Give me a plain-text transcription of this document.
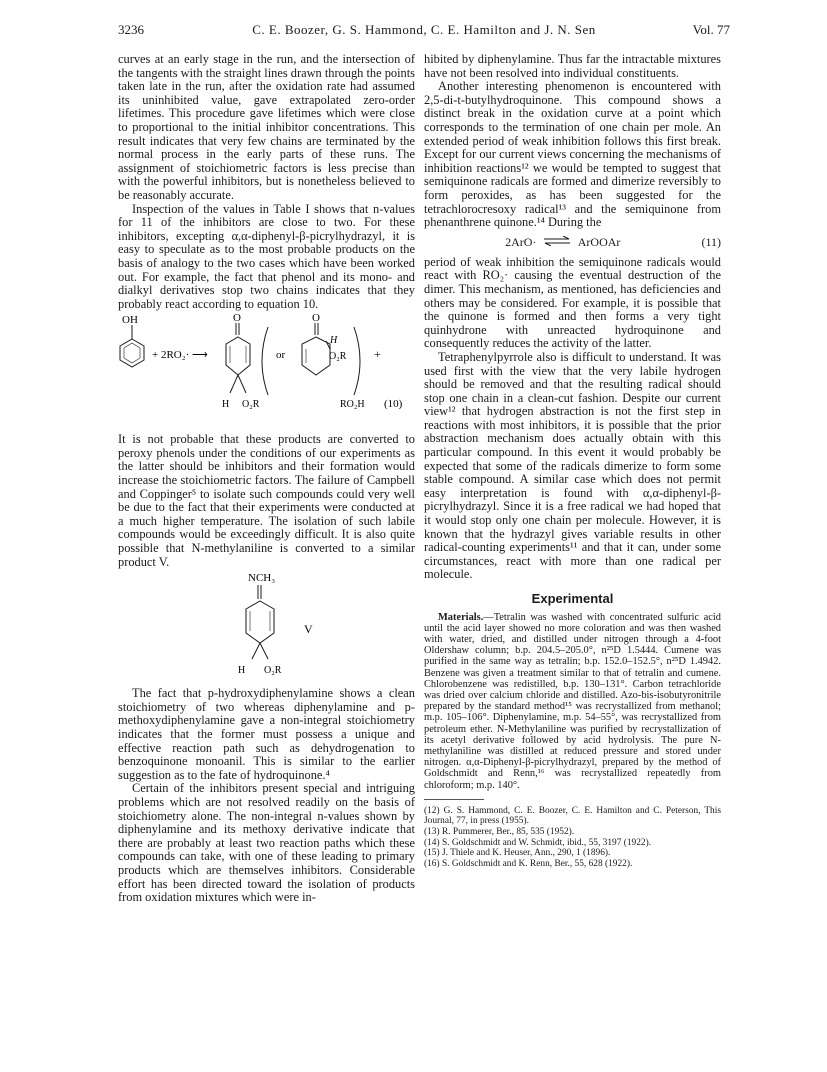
3236	C. E. Boozer, G. S. Hammond, C. E. Hamilton and J. N. Sen	Vol. 77

curves at an early stage in the run, and the intersection of the tangents with the straight lines drawn through the points taken late in the run, after the oxidation rate had assumed its uninhibited value, gave extrapolated zero-order lifetimes. This procedure gave lifetimes which were close to proportional to the initial inhibitor concentrations. This result indicates that very few chains are terminated by the normal process in the early parts of these runs. The assignment of stoichiometric factors is less precise than with the powerful inhibitors, but is nonetheless believed to be reasonably accurate.

Inspection of the values in Table I shows that n-values for 11 of the inhibitors are close to two. For these inhibitors, excepting α,α-diphenyl-β-picrylhydrazyl, it is easy to speculate as to the most probable products on the basis of analogy to the two cases which have been worked out. For example, the fact that phenol and its mono- and dialkyl derivatives stop two chains indicates that they probably react according to equation 10.

OH
+ 2RO₂· ⟶
O	O
or
H
O₂R +
H O₂R	RO₂H (10)

It is not probable that these products are converted to peroxy phenols under the conditions of our experiments as the latter should be inhibitors and their formation would increase the stoichiometric factors. The failure of Campbell and Coppinger⁵ to isolate such compounds could very well be due to the fact that their experiments were conducted at a much higher temperature. The isolation of such labile compounds would be exceedingly difficult. It is also quite possible that N-methylaniline is converted to a similar product V.

NCH₃
H O₂R
V

The fact that p-hydroxydiphenylamine shows a clean stoichiometry of two whereas diphenylamine and p-methoxydiphenylamine gave a non-integral stoichiometry indicates that the former must possess a unique and effective reaction path such as dehydrogenation to benzoquinone monoanil. This is similar to the earlier suggestion as to the fate of hydroquinone.⁴

Certain of the inhibitors present special and intriguing problems which are not resolved readily on the basis of stoichiometry alone. The non-integral n-values shown by diphenylamine and its methoxy derivative indicate that there are probably at least two reaction paths which these compounds can take, with one of these leading to primary products which are themselves inhibitors. Considerable effort has been directed toward the isolation of products from oxidation mixtures which were in-

hibited by diphenylamine. Thus far the intractable mixtures have not been resolved into individual constituents.

Another interesting phenomenon is encountered with 2,5-di-t-butylhydroquinone. This compound shows a distinct break in the oxidation curve at a point which corresponds to the termination of one chain per mole. An extended period of weak inhibition follows this first break. Except for our current views concerning the mechanisms of inhibition reactions¹² we would be tempted to suggest that semiquinone radicals are formed and dimerize reversibly to form peroxides, as has been suggested for the tetrachlorocresoxy radical¹³ and the semiquinone from phenanthrene quinone.¹⁴ During the

2ArO· ⇌ ArOOAr	(11)

period of weak inhibition the semiquinone radicals would react with RO₂· causing the eventual destruction of the dimer. This mechanism, as mentioned, has deficiencies and others may be considered. For example, it is possible that the quinone is formed and then forms a very tight quinhydrone with unreacted hydroquinone and consequently reduces the activity of the latter.

Tetraphenylpyrrole also is difficult to understand. It was used first with the view that the very labile hydrogen should be removed and that the resulting radical should stop one chain in a clean-cut fashion. Despite our current view¹² that hydrogen abstraction is not the first step in reactions with most inhibitors, it is possible that the prior abstraction mechanism does actually obtain with this particular compound. In this event it would probably be expected that some of the radicals dimerize to form some stable compound. A similar case which does not permit easy interpretation is found with α,α-diphenyl-β-picrylhydrazyl. Since it is a free radical we had hoped that it would stop only one chain per molecule. However, it is known that the hydrazyl gives variable results in other radical-counting experiments¹¹ and that it can, under some circumstances, react with more than one radical per molecule.

Experimental

Materials.—Tetralin was washed with concentrated sulfuric acid until the acid layer showed no more coloration and was then washed with water, dried, and distilled under nitrogen through a 4-foot Oldershaw column; b.p. 204.5–205.0°, n²⁵D 1.5444. Cumene was purified in the same way as tetralin; b.p. 152.0–152.5°, n²⁵D 1.4942. Benzene was given a treatment similar to that of tetralin and cumene. Chlorobenzene was redistilled, b.p. 130–131°. Carbon tetrachloride was dried over calcium chloride and distilled. Azo-bis-isobutyronitrile prepared by the standard method¹⁵ was recrystallized from methanol; m.p. 105–106°. Diphenylamine, m.p. 54–55°, was recrystallized from petroleum ether. N-Methylaniline was purified by recrystallization of its acetyl derivative followed by acid hydrolysis. The pure N-methylaniline was distilled at reduced pressure and stored under nitrogen. α,α-Diphenyl-β-picrylhydrazyl, prepared by the method of Goldschmidt and Renn,¹⁶ was recrystallized repeatedly from chloroform; m.p. 140°.

(12) G. S. Hammond, C. E. Boozer, C. E. Hamilton and C. Peterson, This Journal, 77, in press (1955).
(13) R. Pummerer, Ber., 85, 535 (1952).
(14) S. Goldschmidt and W. Schmidt, ibid., 55, 3197 (1922).
(15) J. Thiele and K. Heuser, Ann., 290, 1 (1896).
(16) S. Goldschmidt and K. Renn, Ber., 55, 628 (1922).
